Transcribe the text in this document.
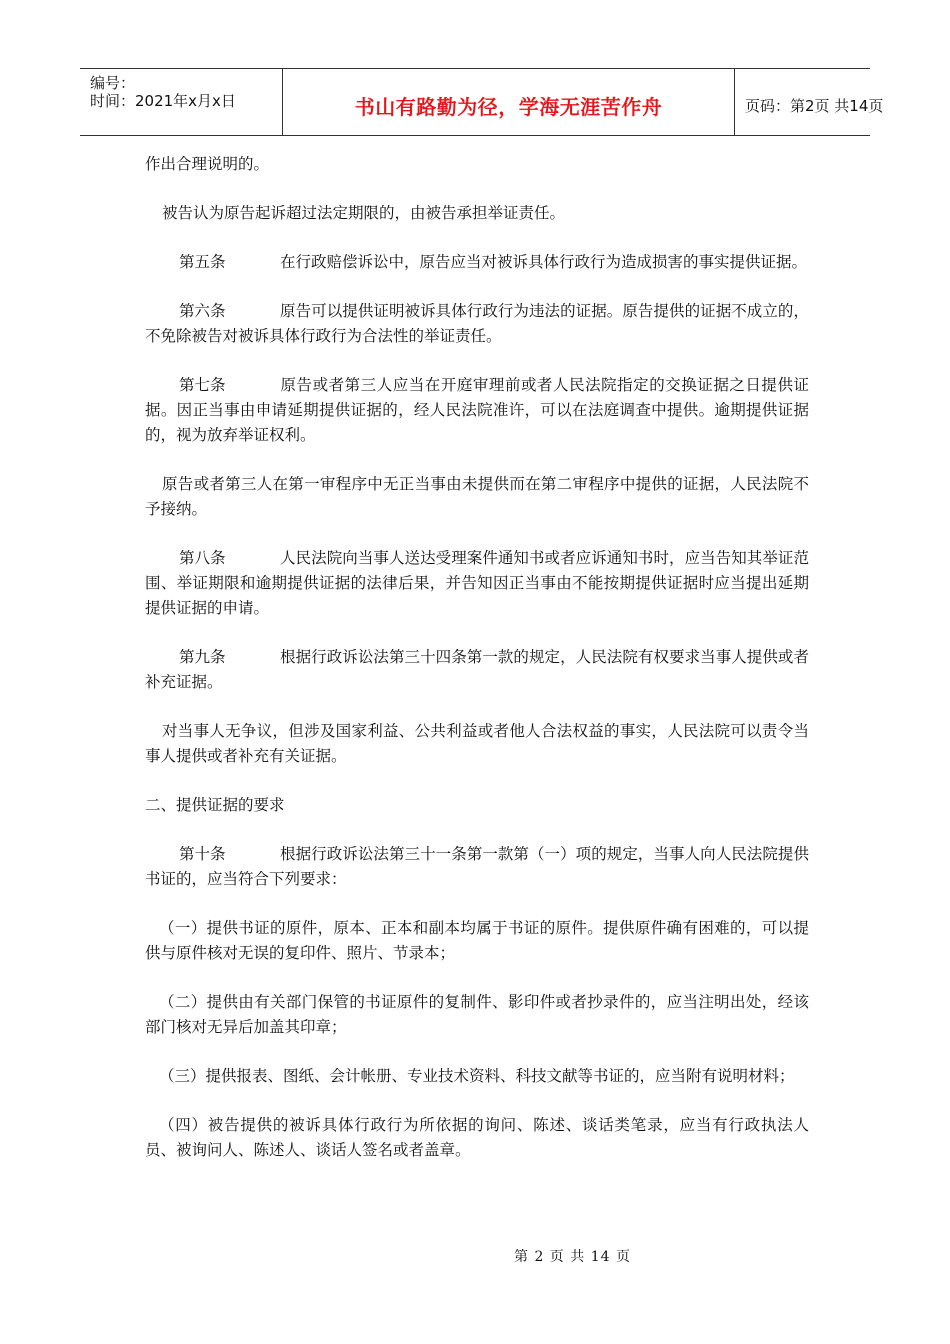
编号：
时间：2021年x月x日	书山有路勤为径，学海无涯苦作舟	页码：第2页 共14页

作出合理说明的。

被告认为原告起诉超过法定期限的，由被告承担举证责任。

第五条	在行政赔偿诉讼中，原告应当对被诉具体行政行为造成损害的事实提供证据。

第六条	原告可以提供证明被诉具体行政行为违法的证据。原告提供的证据不成立的，不免除被告对被诉具体行政行为合法性的举证责任。

第七条	原告或者第三人应当在开庭审理前或者人民法院指定的交换证据之日提供证据。因正当事由申请延期提供证据的，经人民法院准许，可以在法庭调查中提供。逾期提供证据的，视为放弃举证权利。

原告或者第三人在第一审程序中无正当事由未提供而在第二审程序中提供的证据，人民法院不予接纳。

第八条	人民法院向当事人送达受理案件通知书或者应诉通知书时，应当告知其举证范围、举证期限和逾期提供证据的法律后果，并告知因正当事由不能按期提供证据时应当提出延期提供证据的申请。

第九条	根据行政诉讼法第三十四条第一款的规定，人民法院有权要求当事人提供或者补充证据。

对当事人无争议，但涉及国家利益、公共利益或者他人合法权益的事实，人民法院可以责令当事人提供或者补充有关证据。

二、提供证据的要求

第十条	根据行政诉讼法第三十一条第一款第（一）项的规定，当事人向人民法院提供书证的，应当符合下列要求：

（一）提供书证的原件，原本、正本和副本均属于书证的原件。提供原件确有困难的，可以提供与原件核对无误的复印件、照片、节录本；

（二）提供由有关部门保管的书证原件的复制件、影印件或者抄录件的，应当注明出处，经该部门核对无异后加盖其印章；

（三）提供报表、图纸、会计帐册、专业技术资料、科技文献等书证的，应当附有说明材料；

（四）被告提供的被诉具体行政行为所依据的询问、陈述、谈话类笔录，应当有行政执法人员、被询问人、陈述人、谈话人签名或者盖章。

第 2 页 共 14 页
